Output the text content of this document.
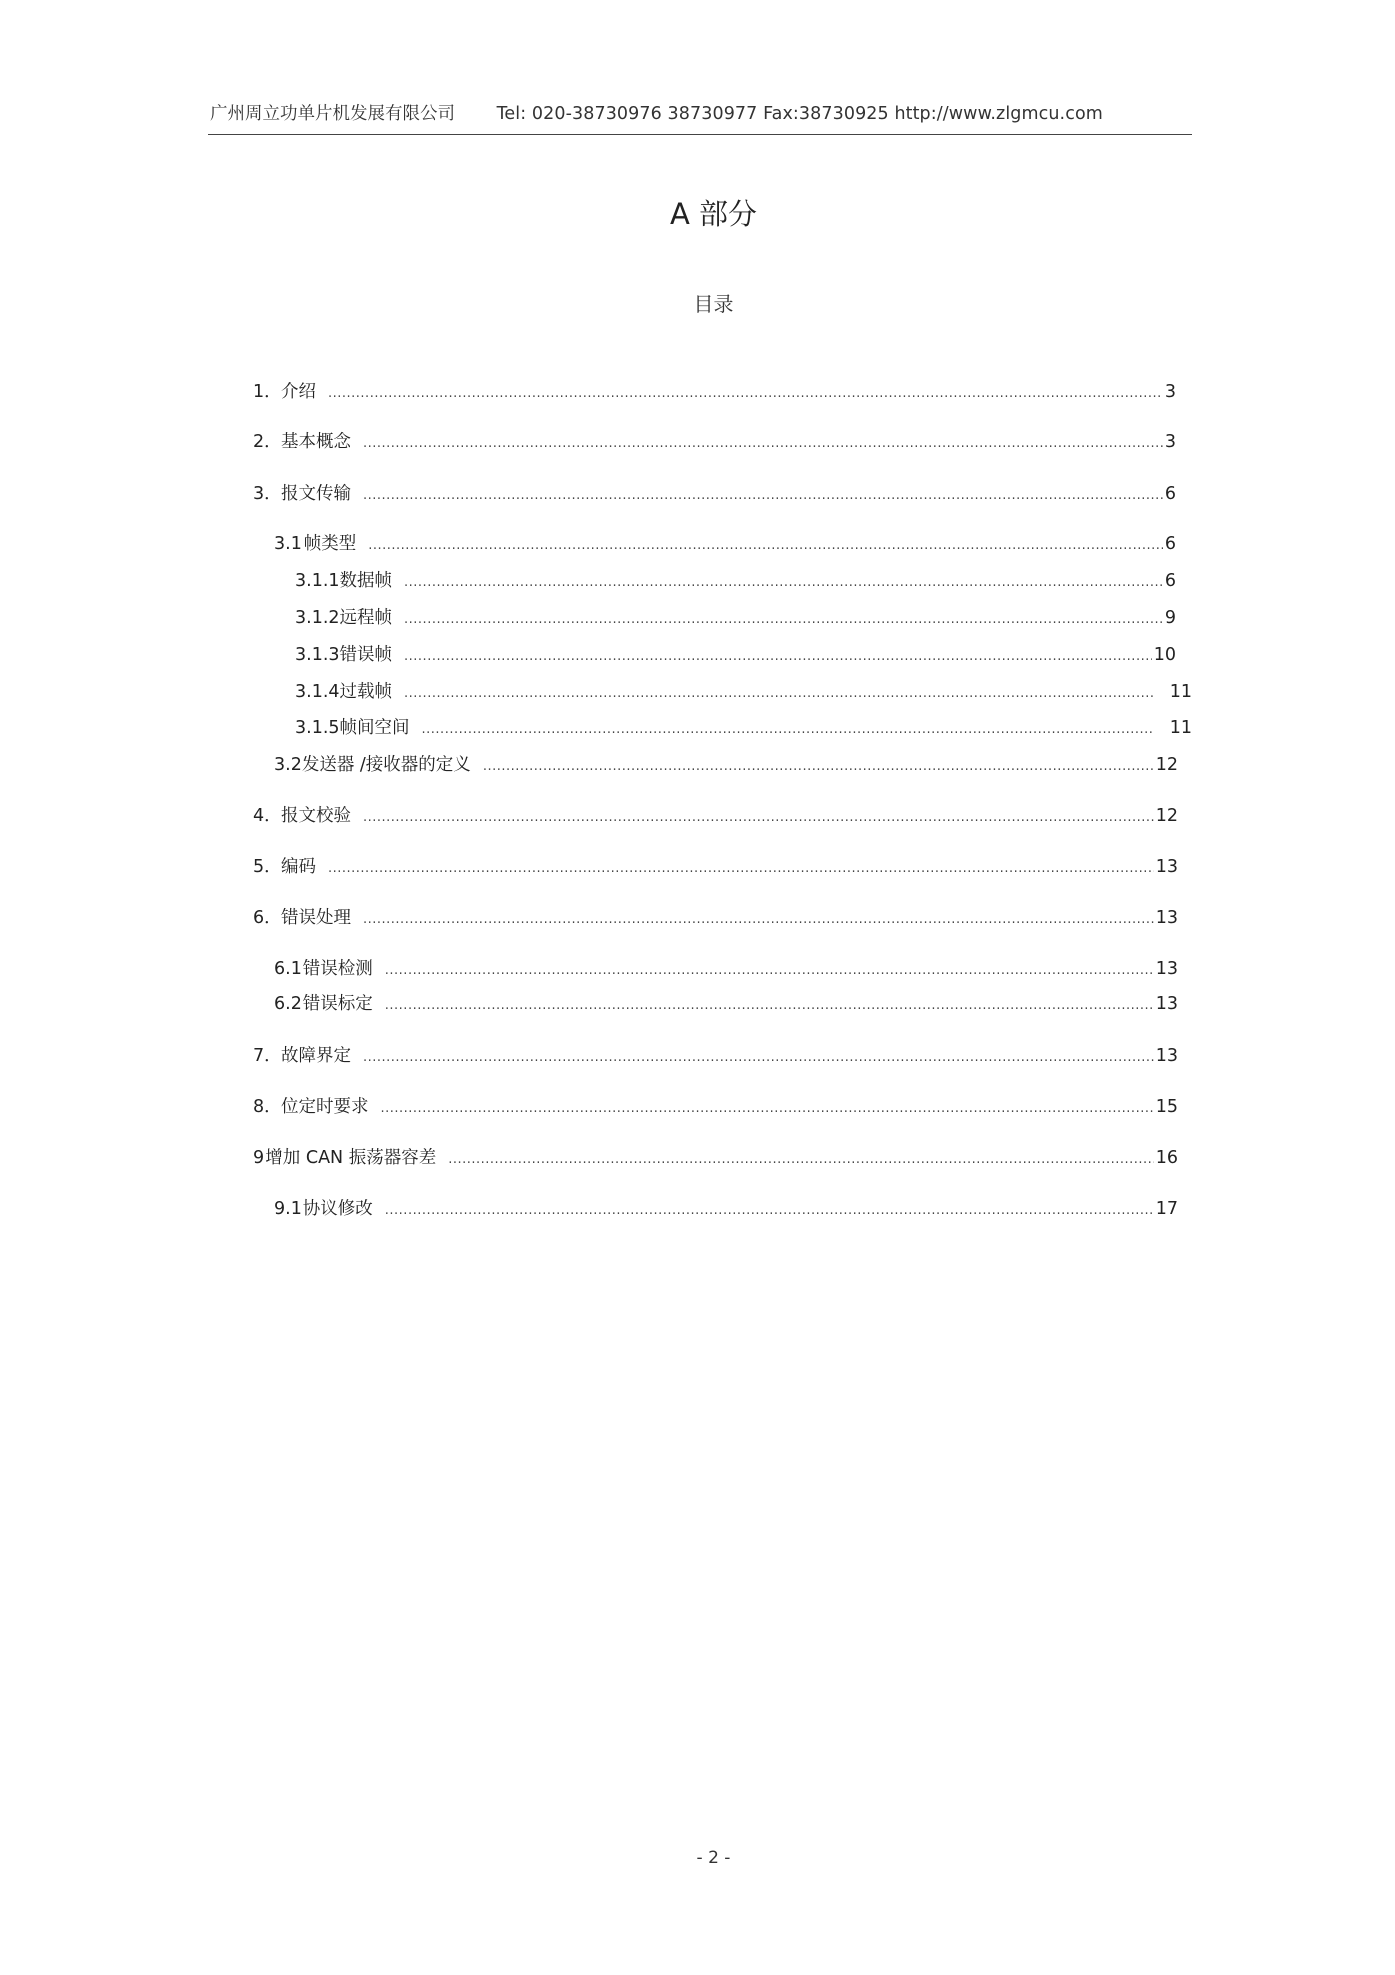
广州周立功单片机发展有限公司 Tel: 020-38730976 38730977 Fax:38730925 http://www.zlgmcu.com
A 部分
目录
1． 介绍 .....	3
2． 基本概念 .....	3
3． 报文传输 .....	6
3.1 帧类型 .....	6
3.1.1 数据帧 .....	6
3.1.2 远程帧 .....	9
3.1.3 错误帧 .....	10
3.1.4 过载帧 .....	11
3.1.5 帧间空间 .....	11
3.2 发送器 /接收器的定义 .....	12
4． 报文校验 .....	12
5． 编码 .....	13
6． 错误处理 .....	13
6.1 错误检测 .....	13
6.2 错误标定 .....	13
7． 故障界定 .....	13
8． 位定时要求 .....	15
9 增加 CAN 振荡器容差 .....	16
9.1 协议修改 .....	17
- 2 -
